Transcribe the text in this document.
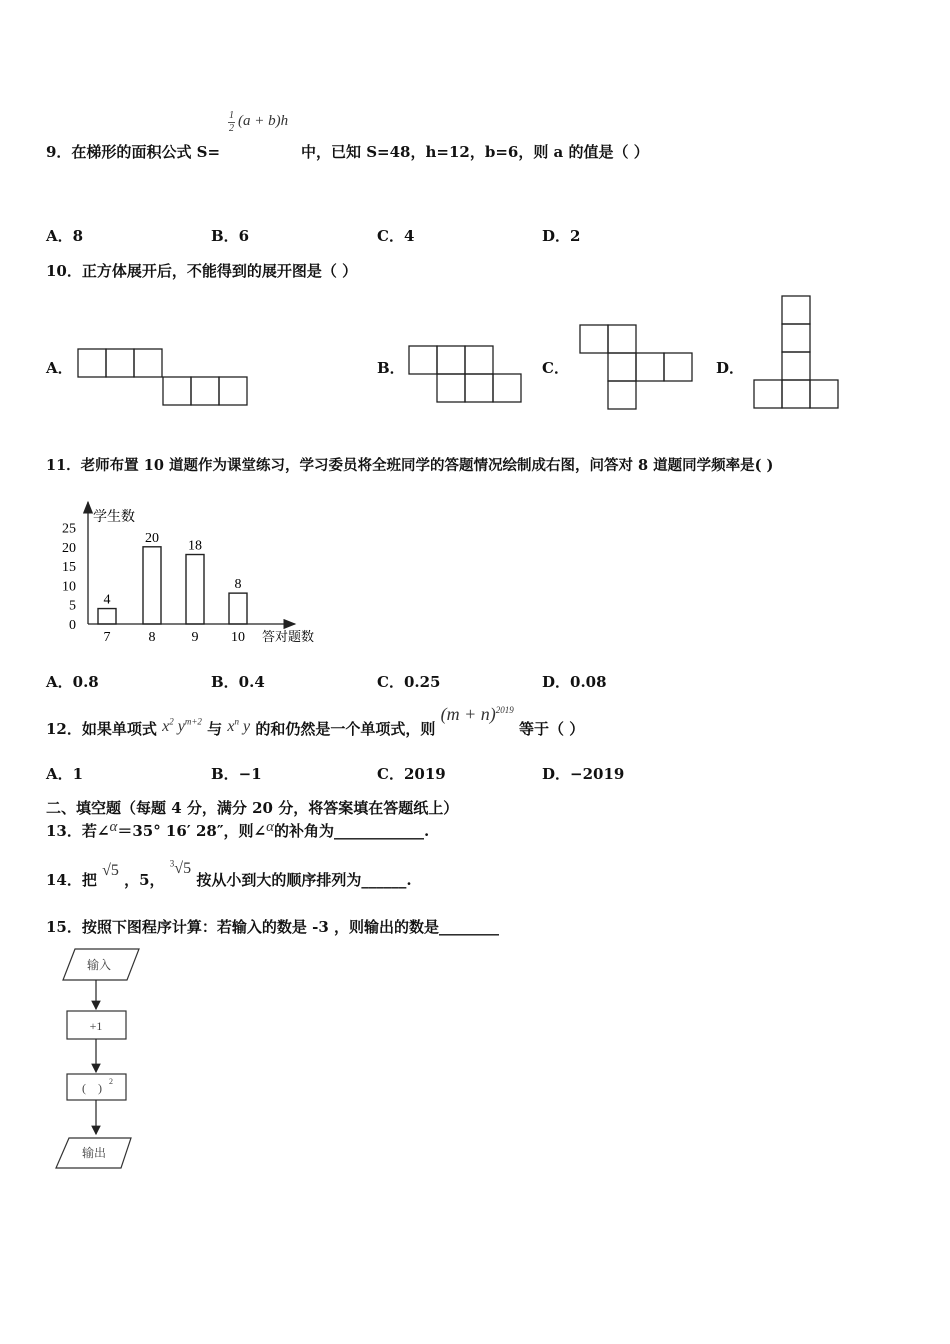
1
2 (a + b)h
9．在梯形的面积公式 S=	中，已知 S=48，h=12，b=6，则 a 的值是（ ）
A．8	B．6	C．4	D．2
10．正方体展开后，不能得到的展开图是（ ）
A．	B．	C．	D．
11．老师布置 10 道题作为课堂练习，学习委员将全班同学的答题情况绘制成右图，问答对 8 道题同学频率是( )
学生数
答对题数
0
5
10
15
20
25
4
7
20
8
18
9
8
10
A．0.8	B．0.4	C．0.25	D．0.08
12．如果单项式 $x^2$ $y^{m+2}$ 与 $x^n$ y 的和仍然是一个单项式，则 $(m + n)^{2019}$ 等于（ ）
A．1	B．−1	C．2019	D．−2019
二、填空题（每题 4 分，满分 20 分，将答案填在答题纸上）
13．若∠α＝35° 16′ 28″，则∠α的补角为____________.
14．把 √5 ，5， $^3$√5 按从小到大的顺序排列为______.
15．按照下图程序计算：若输入的数是 -3 ，则输出的数是________
输入
+1
(    ) 2
输出
